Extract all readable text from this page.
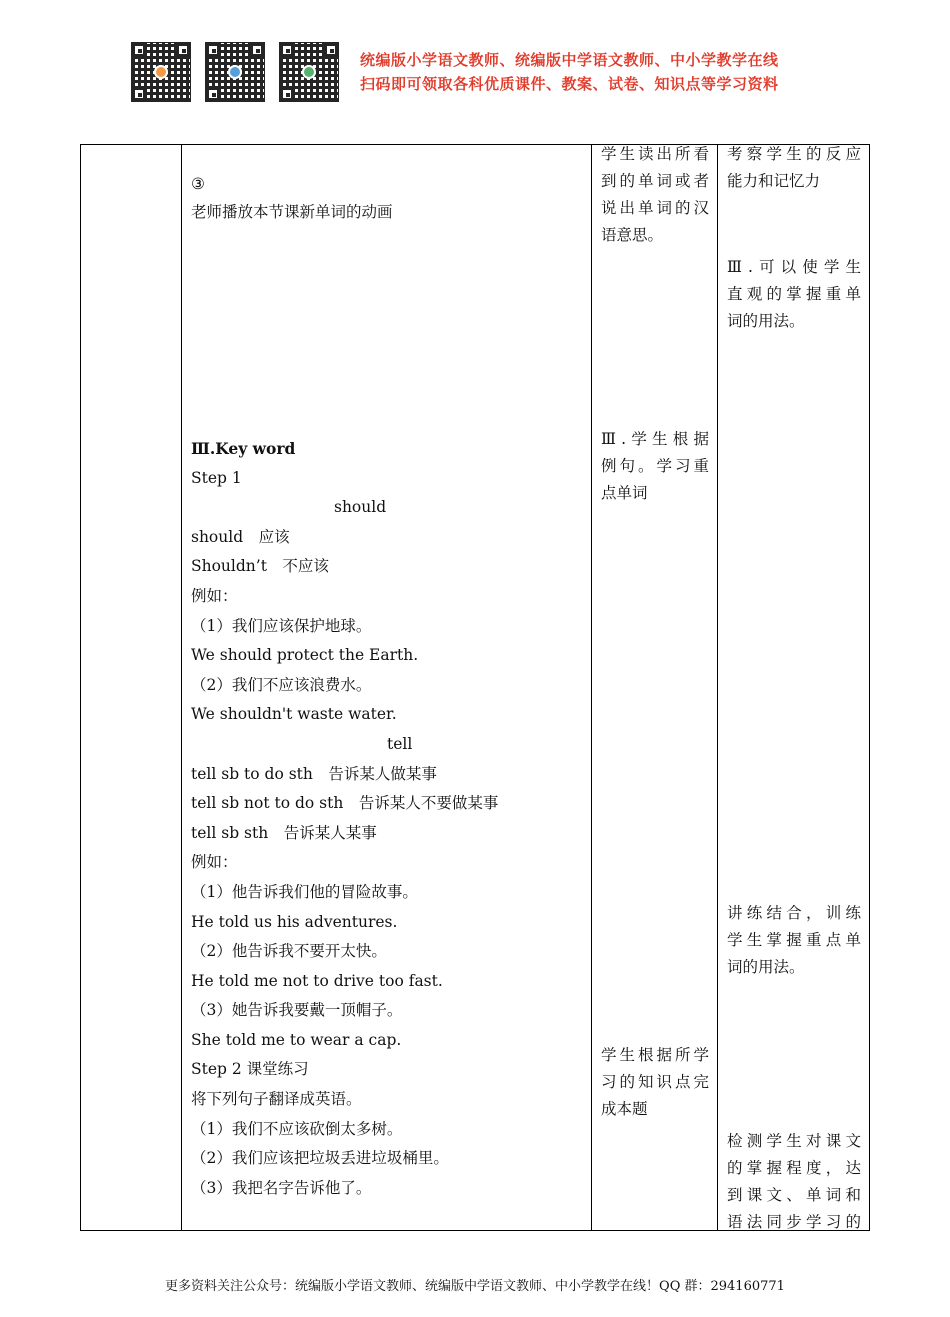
统编版小学语文教师、统编版中学语文教师、中小学教学在线
扫码即可领取各科优质课件、教案、试卷、知识点等学习资料

③

老师播放本节课新单词的动画

Ⅲ.Key word

Step 1

should

should　应该

Shouldn’t　不应该

例如：

（1）我们应该保护地球。

We should protect the Earth.

（2）我们不应该浪费水。

We shouldn't waste water.

tell

tell sb to do sth　告诉某人做某事

tell sb not to do sth　告诉某人不要做某事

tell sb sth　告诉某人某事

例如：

（1）他告诉我们他的冒险故事。

He told us his adventures.

（2）他告诉我不要开太快。

He told me not to drive too fast.

（3）她告诉我要戴一顶帽子。

She told me to wear a cap.

Step 2 课堂练习

将下列句子翻译成英语。

（1）我们不应该砍倒太多树。

（2）我们应该把垃圾丢进垃圾桶里。

（3）我把名字告诉他了。

学生读出所看

到的单词或者

说出单词的汉

语意思。

Ⅲ.学生根据

例句。学习重

点单词

学生根据所学

习的知识点完

成本题

考察学生的反应

能力和记忆力

Ⅲ.可以使学生

直观的掌握重单

词的用法。

讲练结合，训练

学生掌握重点单

词的用法。

检测学生对课文

的掌握程度，达

到课文、单词和

语法同步学习的

更多资料关注公众号：统编版小学语文教师、统编版中学语文教师、中小学教学在线！QQ 群：294160771
